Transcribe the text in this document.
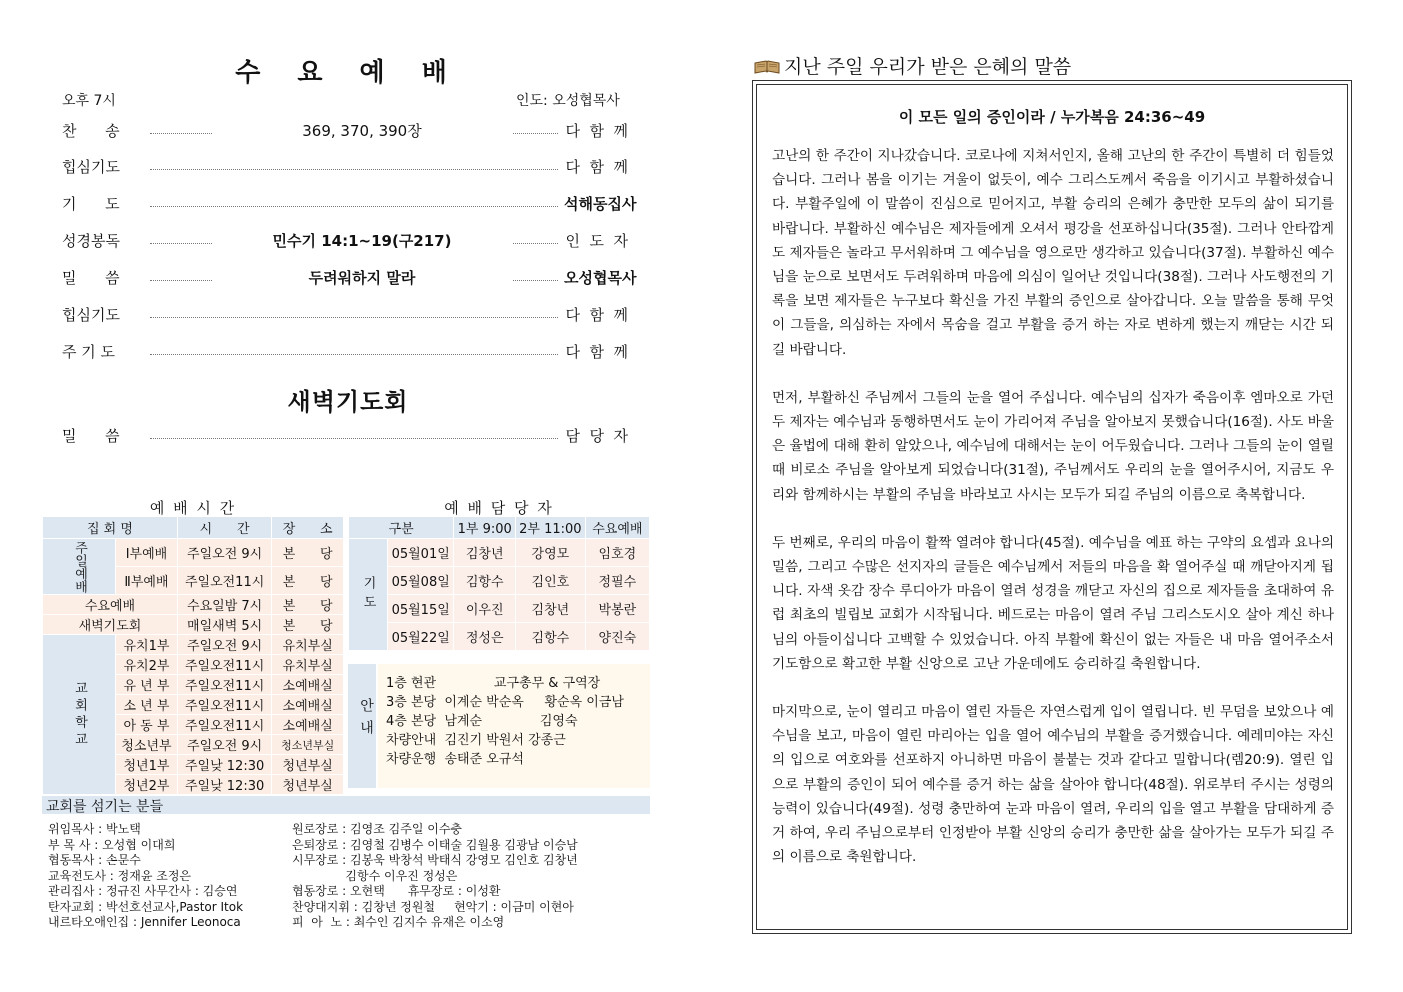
수 요 예 배
오후 7시	인도: 오성협목사
찬      송	369, 370, 390장	다  함  께
힙심기도	다  함  께
기      도	석해동집사
성경봉독	민수기 14:1~19(구217)	인  도  자
밀      씀	두려워하지 말라	오성협목사
힙심기도	다  함  께
주 기 도	다  함  께
새벽기도회
밀      씀	담  당  자
예 배 시 간
집 회 명		시      간	장      소
주일예배	Ⅰ부예배	주일오전 9시	본      당
	Ⅱ부예배	주일오전11시	본      당
수요예배		수요일밤 7시	본      당
새벽기도회		매일새벽 5시	본      당
교회학교	유치1부	주일오전 9시	유치부실
	유치2부	주일오전11시	유치부실
	유 년 부	주일오전11시	소예배실
	소 년 부	주일오전11시	소예배실
	아 동 부	주일오전11시	소예배실
	청소년부	주일오전 9시	청소년부실
	청년1부	주일낮 12:30	청년부실
	청년2부	주일낮 12:30	청년부실
예 배 담 당 자
구분		1부 9:00	2부 11:00	수요예배
기도	05월01일	김창년	강영모	임호경
	05월08일	김항수	김인호	정필수
	05월15일	이우진	김창년	박봉란
	05월22일	정성은	김항수	양진숙
안내
1층 현관              교구총무 & 구역장
3층 본당  이계순 박순옥     황순옥 이금남
4층 본당  남계순              김영숙
차량안내  김진기 박원서 강종근
차량운행  송태준 오규석
교회를 섬기는 분들
위임목사 : 박노택
부 목 사 : 오성협 이대희
협동목사 : 손문수
교육전도사 : 정재윤 조정은
관리집사 : 정규진 사무간사 : 김승연
탄자교회 : 박선호선교사,Pastor Itok
내르타오애인집 : Jennifer Leonoca
원로장로 : 김영조 김주일 이수충
은퇴장로 : 김영철 김병수 이태술 김월용 김광남 이승남
시무장로 : 김봉욱 박창석 박태식 강영모 김인호 김창년
김항수 이우진 정성은
협동장로 : 오현택      휴무장로 : 이성환
찬양대지휘 : 김창년 정원철     현악기 : 이금미 이현아
피  아  노 : 최수인 김지수 유재은 이소영
지난 주일 우리가 받은 은혜의 말씀
이 모든 일의 증인이라 / 누가복음 24:36~49

고난의 한 주간이 지나갔습니다. 코로나에 지쳐서인지, 올해 고난의 한 주간이 특별히 더 힘들었습니다. 그러나 봄을 이기는 겨울이 없듯이, 예수 그리스도께서 죽음을 이기시고 부활하셨습니다. 부활주일에 이 말씀이 진심으로 믿어지고, 부활 승리의 은혜가 충만한 모두의 삶이 되기를 바랍니다. 부활하신 예수님은 제자들에게 오셔서 평강을 선포하십니다(35절). 그러나 안타깝게도 제자들은 놀라고 무서워하며 그 예수님을 영으로만 생각하고 있습니다(37절). 부활하신 예수님을 눈으로 보면서도 두려워하며 마음에 의심이 일어난 것입니다(38절). 그러나 사도행전의 기록을 보면 제자들은 누구보다 확신을 가진 부활의 증인으로 살아갑니다. 오늘 말씀을 통해 무엇이 그들을, 의심하는 자에서 목숨을 걸고 부활을 증거 하는 자로 변하게 했는지 깨닫는 시간 되길 바랍니다.

먼저, 부활하신 주님께서 그들의 눈을 열어 주십니다. 예수님의 십자가 죽음이후 엠마오로 가던 두 제자는 예수님과 동행하면서도 눈이 가리어져 주님을 알아보지 못했습니다(16절). 사도 바울은 율법에 대해 환히 알았으나, 예수님에 대해서는 눈이 어두웠습니다. 그러나 그들의 눈이 열릴 때 비로소 주님을 알아보게 되었습니다(31절), 주님께서도 우리의 눈을 열어주시어, 지금도 우리와 함께하시는 부활의 주님을 바라보고 사시는 모두가 되길 주님의 이름으로 축복합니다.

두 번째로, 우리의 마음이 활짝 열려야 합니다(45절). 예수님을 예표 하는 구약의 요셉과 요나의 밀씀, 그리고 수많은 선지자의 글들은 예수님께서 저들의 마음을 확 열어주실 때 깨닫아지게 됩니다. 자색 옷감 장수 루디아가 마음이 열려 성경을 깨닫고 자신의 집으로 제자들을 초대하여 유럽 최초의 빌립보 교회가 시작됩니다. 베드로는 마음이 열려 주님 그리스도시오 살아 계신 하나님의 아들이십니다 고백할 수 있었습니다. 아직 부활에 확신이 없는 자들은 내 마음 열어주소서 기도함으로 확고한 부활 신앙으로 고난 가운데에도 승리하길 축원합니다.

마지막으로, 눈이 열리고 마음이 열린 자들은 자연스럽게 입이 열립니다. 빈 무덤을 보았으나 예수님을 보고, 마음이 열린 마리아는 입을 열어 예수님의 부활을 증거했습니다. 예레미야는 자신의 입으로 여호와를 선포하지 아니하면 마음이 불붙는 것과 같다고 밀합니다(렘20:9). 열린 입으로 부활의 증인이 되어 예수를 증거 하는 삶을 살아야 합니다(48절). 위로부터 주시는 성령의 능력이 있습니다(49절). 성령 충만하여 눈과 마음이 열려, 우리의 입을 열고 부활을 담대하게 증거 하여, 우리 주님으로부터 인정받아 부활 신앙의 승리가 충만한 삶을 살아가는 모두가 되길 주의 이름으로 축원합니다.
